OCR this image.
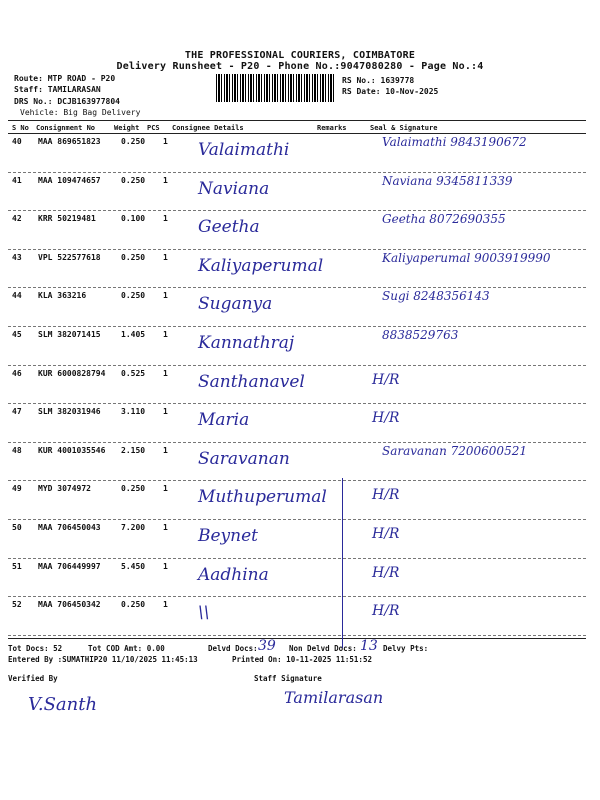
THE PROFESSIONAL COURIERS, COIMBATORE
Delivery Runsheet - P20 - Phone No.:9047080280 - Page No.:4
Route: MTP ROAD - P20
Staff: TAMILARASAN
DRS No.: DCJB163977804
Vehicle: Big Bag Delivery
RS No.: 1639778
RS Date: 10-Nov-2025
S No Consignment No	Weight PCS Consignee Details	Remarks	Seal & Signature
40 MAA 869651823	0.250 1 Valaimathi	Valaimathi 9843190672
41 MAA 109474657	0.250 1 Naviana	Naviana 9345811339
42 KRR 50219481	0.100 1 Geetha	Geetha 8072690355
43 VPL 522577618	0.250 1 Kaliyaperumal	Kaliyaperumal 9003919990
44 KLA 363216	0.250 1 Suganya	Sugi 8248356143
45 SLM 382071415	1.405 1 Kannathraj	8838529763
46 KUR 6000828794 0.525 1 Santhanavel	H/R
47 SLM 382031946	3.110 1 Maria	H/R
48 KUR 4001035546 2.150 1 Saravanan	Saravanan 7200600521
49 MYD 3074972	0.250 1 Muthuperumal	H/R
50 MAA 706450043	7.200 1 Beynet	H/R
51 MAA 706449997	5.450 1 Aadhina	H/R
52 MAA 706450342	0.250 1 \\	H/R
Tot Docs: 52	Tot COD Amt: 0.00	Delvd Docs: 39 Non Delvd Docs: 13 Delvy Pts:
Entered By :SUMATHIP20 11/10/2025 11:45:13	Printed On: 10-11-2025 11:51:52
Verified By	Staff Signature
V.Santh	Tamilarasan
